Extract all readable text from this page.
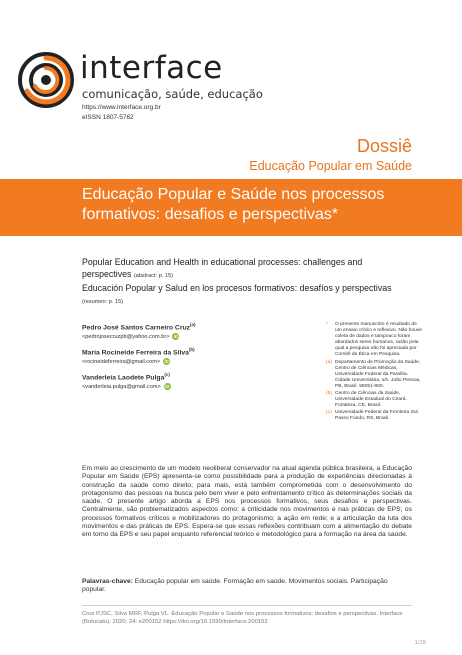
interface
comunicação, saúde, educação
https://www.interface.org.br
eISSN 1807-5762
Dossiê
Educação Popular em Saúde
Educação Popular e Saúde nos processos formativos: desafios e perspectivas*
Popular Education and Health in educational processes: challenges and perspectives (abstract: p. 15)
Educación Popular y Salud en los procesos formativos: desafíos y perspectivas (resumen: p. 15)
Pedro José Santos Carneiro Cruz$^{(a)}$
<pedrojosecruzpb@yahoo.com.br> iD
Maria Rocineide Ferreira da Silva$^{(b)}$
<rocineideferreira@gmail.com> iD
Vanderleia Laodete Pulga$^{(c)}$
<vanderleia.pulga@gmail.com> iD
*	O presente manuscrito é resultado de um ensaio crítico e reflexivo. Não houve coleta de dados e tampouco foram abordados seres humanos, razão pela qual a pesquisa não foi apreciada por Comitê de Ética em Pesquisa.
(a) Departamento de Promoção da Saúde, Centro de Ciências Médicas, Universidade Federal da Paraíba. Cidade Universitária, s/n. João Pessoa, PB, Brasil. 58051-900.
(b) Centro de Ciências da Saúde, Universidade Estadual do Ceará. Fortaleza, CE, Brasil.
(c) Universidade Federal da Fronteira Sul. Passo Fundo, RS, Brasil.
Em meio ao crescimento de um modelo neoliberal conservador na atual agenda pública brasileira, a Educação Popular em Saúde (EPS) apresenta-se como possibilidade para a produção de experiências direcionadas à construção da saúde como direito; para mais, está também comprometida com o desenvolvimento do protagonismo das pessoas na busca pelo bem viver e pelo enfrentamento crítico às determinações sociais da saúde. O presente artigo aborda a EPS nos processos formativos, seus desafios e perspectivas. Centralmente, são problematizados aspectos como: a criticidade nos movimentos e nas práticas de EPS; os processos formativos críticos e mobilizadores do protagonismo; a ação em rede; e a articulação da luta dos movimentos e das práticas de EPS. Espera-se que essas reflexões contribuam com a alimentação do debate em torno da EPS e seu papel enquanto referencial teórico e metodológico para a formação na área da saúde.
Palavras-chave: Educação popular em saúde. Formação em saúde. Movimentos sociais. Participação popular.
Cruz PJSC, Silva MRF, Pulga VL. Educação Popular e Saúde nos processos formativos: desafios e perspectivas. Interface (Botucatu). 2020; 24: e200152 https://doi.org/10.1590/Interface.200152
1/15
